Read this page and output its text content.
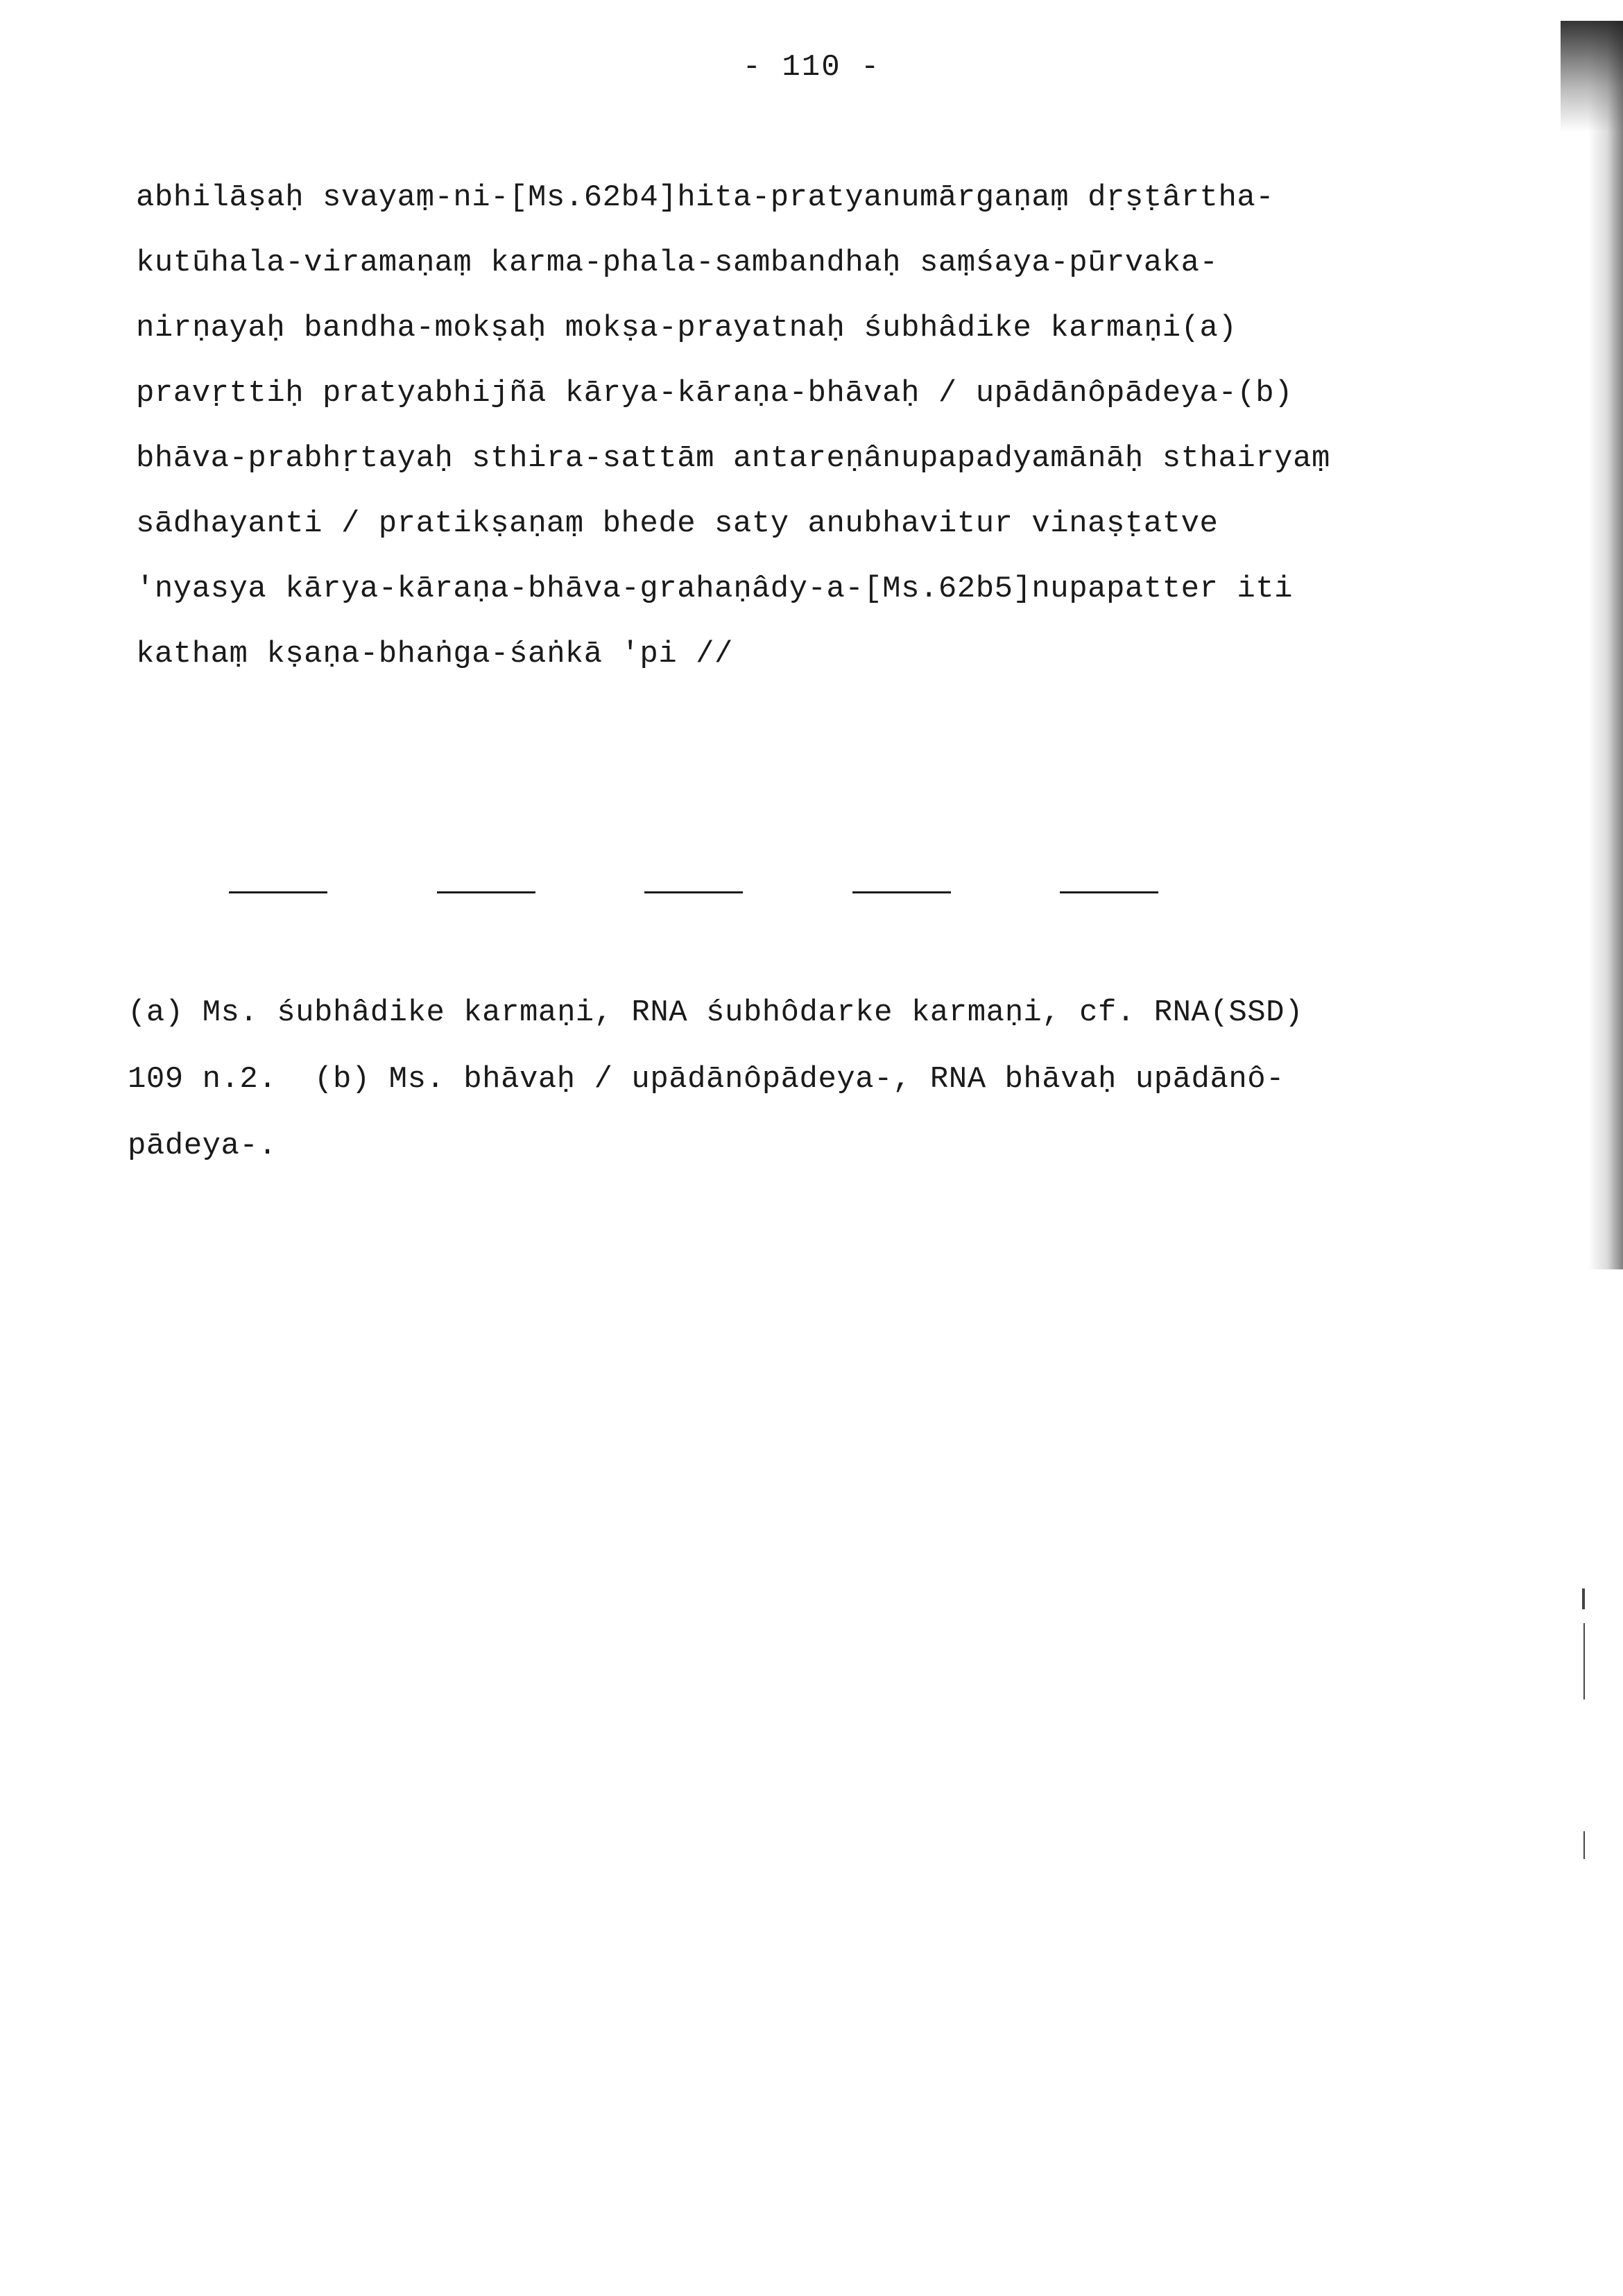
- 110 -
abhilāṣaḥ svayaṃ-ni-[Ms.62b4]hita-pratyanumārgaṇaṃ dṛṣṭârtha-
kutūhala-viramaṇaṃ karma-phala-sambandhaḥ saṃśaya-pūrvaka-
nirṇayaḥ bandha-mokṣaḥ mokṣa-prayatnaḥ śubhâdike karmaṇi(a)
pravṛttiḥ pratyabhijñā kārya-kāraṇa-bhāvaḥ / upādānôpādeya-(b)
bhāva-prabhṛtayaḥ sthira-sattām antareṇânupapadyamānāḥ sthairyaṃ
sādhayanti / pratikṣaṇaṃ bhede saty anubhavitur vinaṣṭatve
'nyasya kārya-kāraṇa-bhāva-grahaṇâdy-a-[Ms.62b5]nupapatter iti
kathaṃ kṣaṇa-bhaṅga-śaṅkā 'pi //
(a) Ms. śubhâdike karmaṇi, RNA śubhôdarke karmaṇi, cf. RNA(SSD)
109 n.2.  (b) Ms. bhāvaḥ / upādānôpādeya-, RNA bhāvaḥ upādānô-
pādeya-.
